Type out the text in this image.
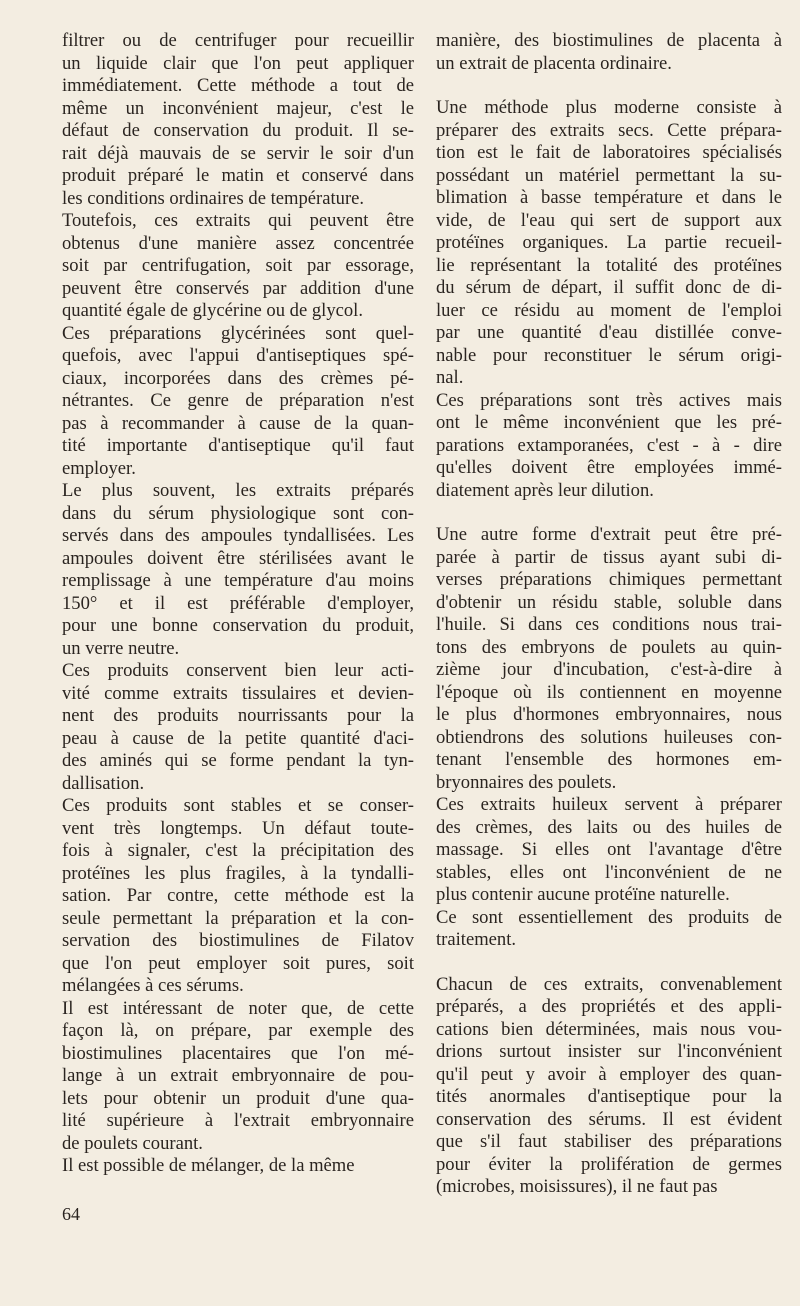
filtrer ou de centrifuger pour recueillir
un liquide clair que l'on peut appliquer
immédiatement. Cette méthode a tout de
même un inconvénient majeur, c'est le
défaut de conservation du produit. Il se-
rait déjà mauvais de se servir le soir d'un
produit préparé le matin et conservé dans
les conditions ordinaires de température.
Toutefois, ces extraits qui peuvent être
obtenus d'une manière assez concentrée
soit par centrifugation, soit par essorage,
peuvent être conservés par addition d'une
quantité égale de glycérine ou de glycol.
Ces préparations glycérinées sont quel-
quefois, avec l'appui d'antiseptiques spé-
ciaux, incorporées dans des crèmes pé-
nétrantes. Ce genre de préparation n'est
pas à recommander à cause de la quan-
tité importante d'antiseptique qu'il faut
employer.
Le plus souvent, les extraits préparés
dans du sérum physiologique sont con-
servés dans des ampoules tyndallisées. Les
ampoules doivent être stérilisées avant le
remplissage à une température d'au moins
150° et il est préférable d'employer,
pour une bonne conservation du produit,
un verre neutre.
Ces produits conservent bien leur acti-
vité comme extraits tissulaires et devien-
nent des produits nourrissants pour la
peau à cause de la petite quantité d'aci-
des aminés qui se forme pendant la tyn-
dallisation.
Ces produits sont stables et se conser-
vent très longtemps. Un défaut toute-
fois à signaler, c'est la précipitation des
protéïnes les plus fragiles, à la tyndalli-
sation. Par contre, cette méthode est la
seule permettant la préparation et la con-
servation des biostimulines de Filatov
que l'on peut employer soit pures, soit
mélangées à ces sérums.
Il est intéressant de noter que, de cette
façon là, on prépare, par exemple des
biostimulines placentaires que l'on mé-
lange à un extrait embryonnaire de pou-
lets pour obtenir un produit d'une qua-
lité supérieure à l'extrait embryonnaire
de poulets courant.
Il est possible de mélanger, de la même
manière, des biostimulines de placenta à
un extrait de placenta ordinaire.
Une méthode plus moderne consiste à
préparer des extraits secs. Cette prépara-
tion est le fait de laboratoires spécialisés
possédant un matériel permettant la su-
blimation à basse température et dans le
vide, de l'eau qui sert de support aux
protéïnes organiques. La partie recueil-
lie représentant la totalité des protéïnes
du sérum de départ, il suffit donc de di-
luer ce résidu au moment de l'emploi
par une quantité d'eau distillée conve-
nable pour reconstituer le sérum origi-
nal.
Ces préparations sont très actives mais
ont le même inconvénient que les pré-
parations extamporanées, c'est - à - dire
qu'elles doivent être employées immé-
diatement après leur dilution.
Une autre forme d'extrait peut être pré-
parée à partir de tissus ayant subi di-
verses préparations chimiques permettant
d'obtenir un résidu stable, soluble dans
l'huile. Si dans ces conditions nous trai-
tons des embryons de poulets au quin-
zième jour d'incubation, c'est-à-dire à
l'époque où ils contiennent en moyenne
le plus d'hormones embryonnaires, nous
obtiendrons des solutions huileuses con-
tenant l'ensemble des hormones em-
bryonnaires des poulets.
Ces extraits huileux servent à préparer
des crèmes, des laits ou des huiles de
massage. Si elles ont l'avantage d'être
stables, elles ont l'inconvénient de ne
plus contenir aucune protéïne naturelle.
Ce sont essentiellement des produits de
traitement.
Chacun de ces extraits, convenablement
préparés, a des propriétés et des appli-
cations bien déterminées, mais nous vou-
drions surtout insister sur l'inconvénient
qu'il peut y avoir à employer des quan-
tités anormales d'antiseptique pour la
conservation des sérums. Il est évident
que s'il faut stabiliser des préparations
pour éviter la prolifération de germes
(microbes, moisissures), il ne faut pas
64
